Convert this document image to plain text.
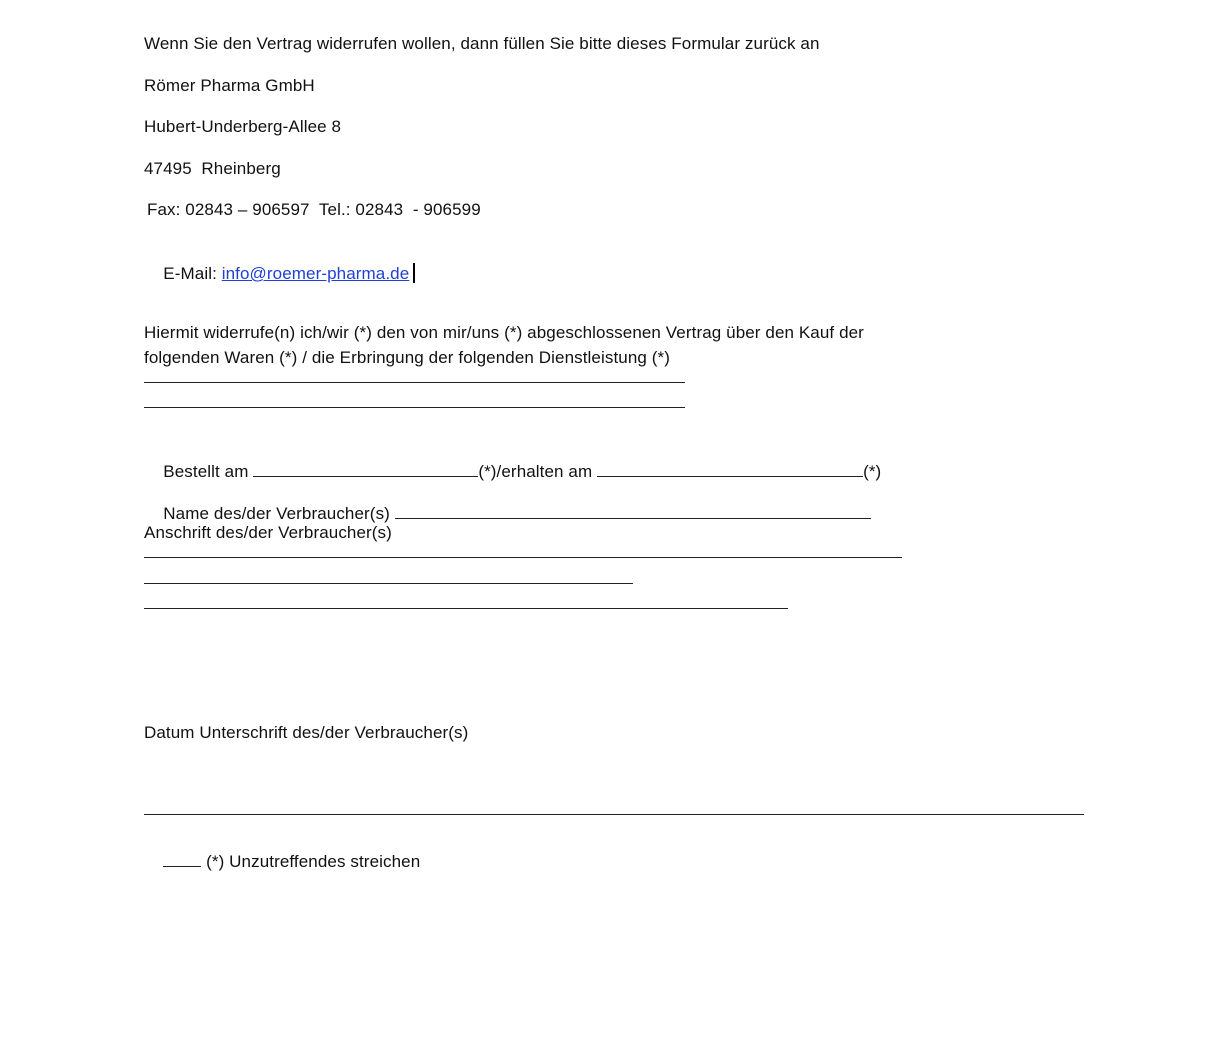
Wenn Sie den Vertrag widerrufen wollen, dann füllen Sie bitte dieses Formular zurück an
Römer Pharma GmbH
Hubert-Underberg-Allee 8
47495  Rheinberg
Fax: 02843 – 906597  Tel.: 02843  - 906599

E-Mail: info@roemer-pharma.de

Hiermit widerrufe(n) ich/wir (*) den von mir/uns (*) abgeschlossenen Vertrag über den Kauf der
folgenden Waren (*) / die Erbringung der folgenden Dienstleistung (*)

Bestellt am	(*)/erhalten am	(*)

Name des/der Verbraucher(s)

Anschrift des/der Verbraucher(s)
Datum Unterschrift des/der Verbraucher(s)

(*) Unzutreffendes streichen
